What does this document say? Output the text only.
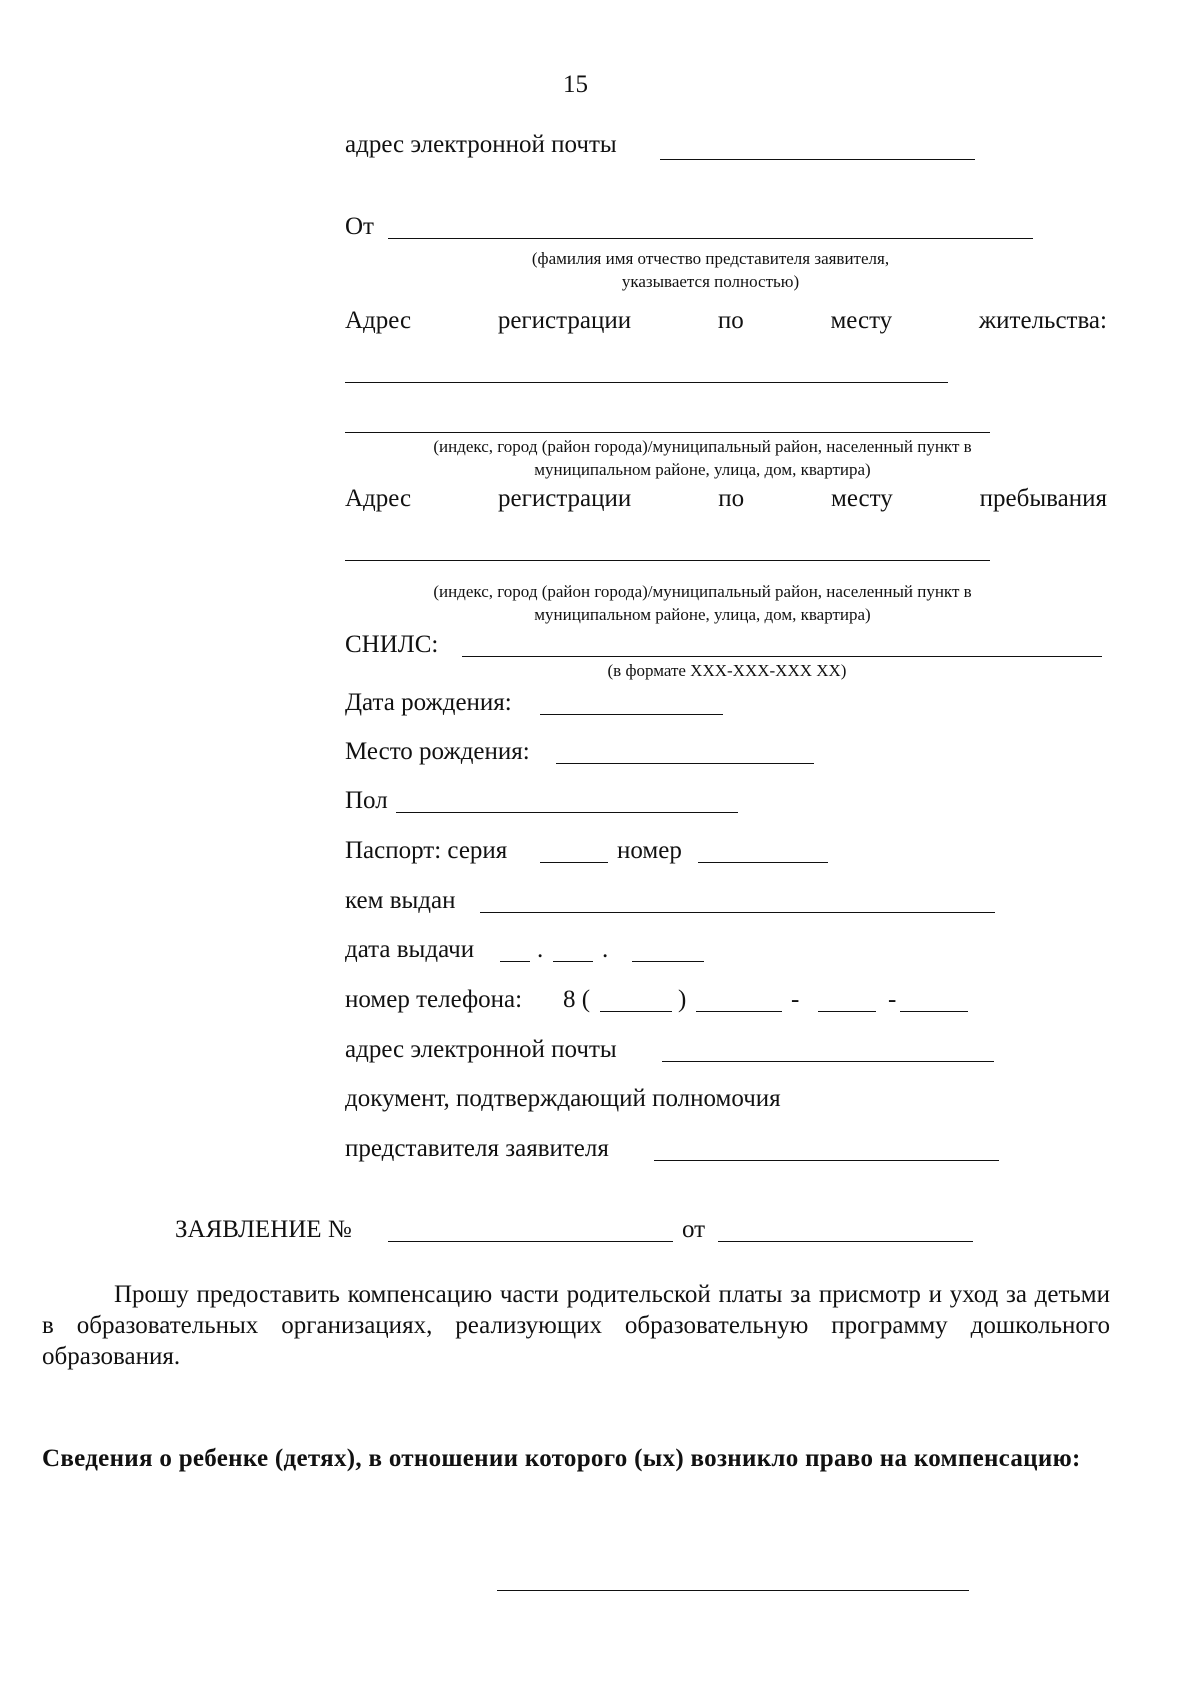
15
адрес электронной почты
От
(фамилия имя отчество представителя заявителя,
указывается полностью)
Адрес	регистрации	по	месту	жительства:
(индекс, город (район города)/муниципальный район, населенный пункт в
муниципальном районе, улица, дом, квартира)
Адрес	регистрации	по	месту	пребывания
(индекс, город (район города)/муниципальный район, населенный пункт в
муниципальном районе, улица, дом, квартира)
СНИЛС:
(в формате XXX-XXX-XXX XX)
Дата рождения:
Место рождения:
Пол
Паспорт: серия	номер
кем выдан
дата выдачи	. .
номер телефона: 8 (	)	-	-
адрес электронной почты
документ, подтверждающий полномочия
представителя заявителя
ЗАЯВЛЕНИЕ №	от
Прошу предоставить компенсацию части родительской платы за присмотр и уход за детьми в образовательных организациях, реализующих образовательную программу дошкольного образования.
Сведения о ребенке (детях), в отношении которого (ых) возникло право на компенсацию:
